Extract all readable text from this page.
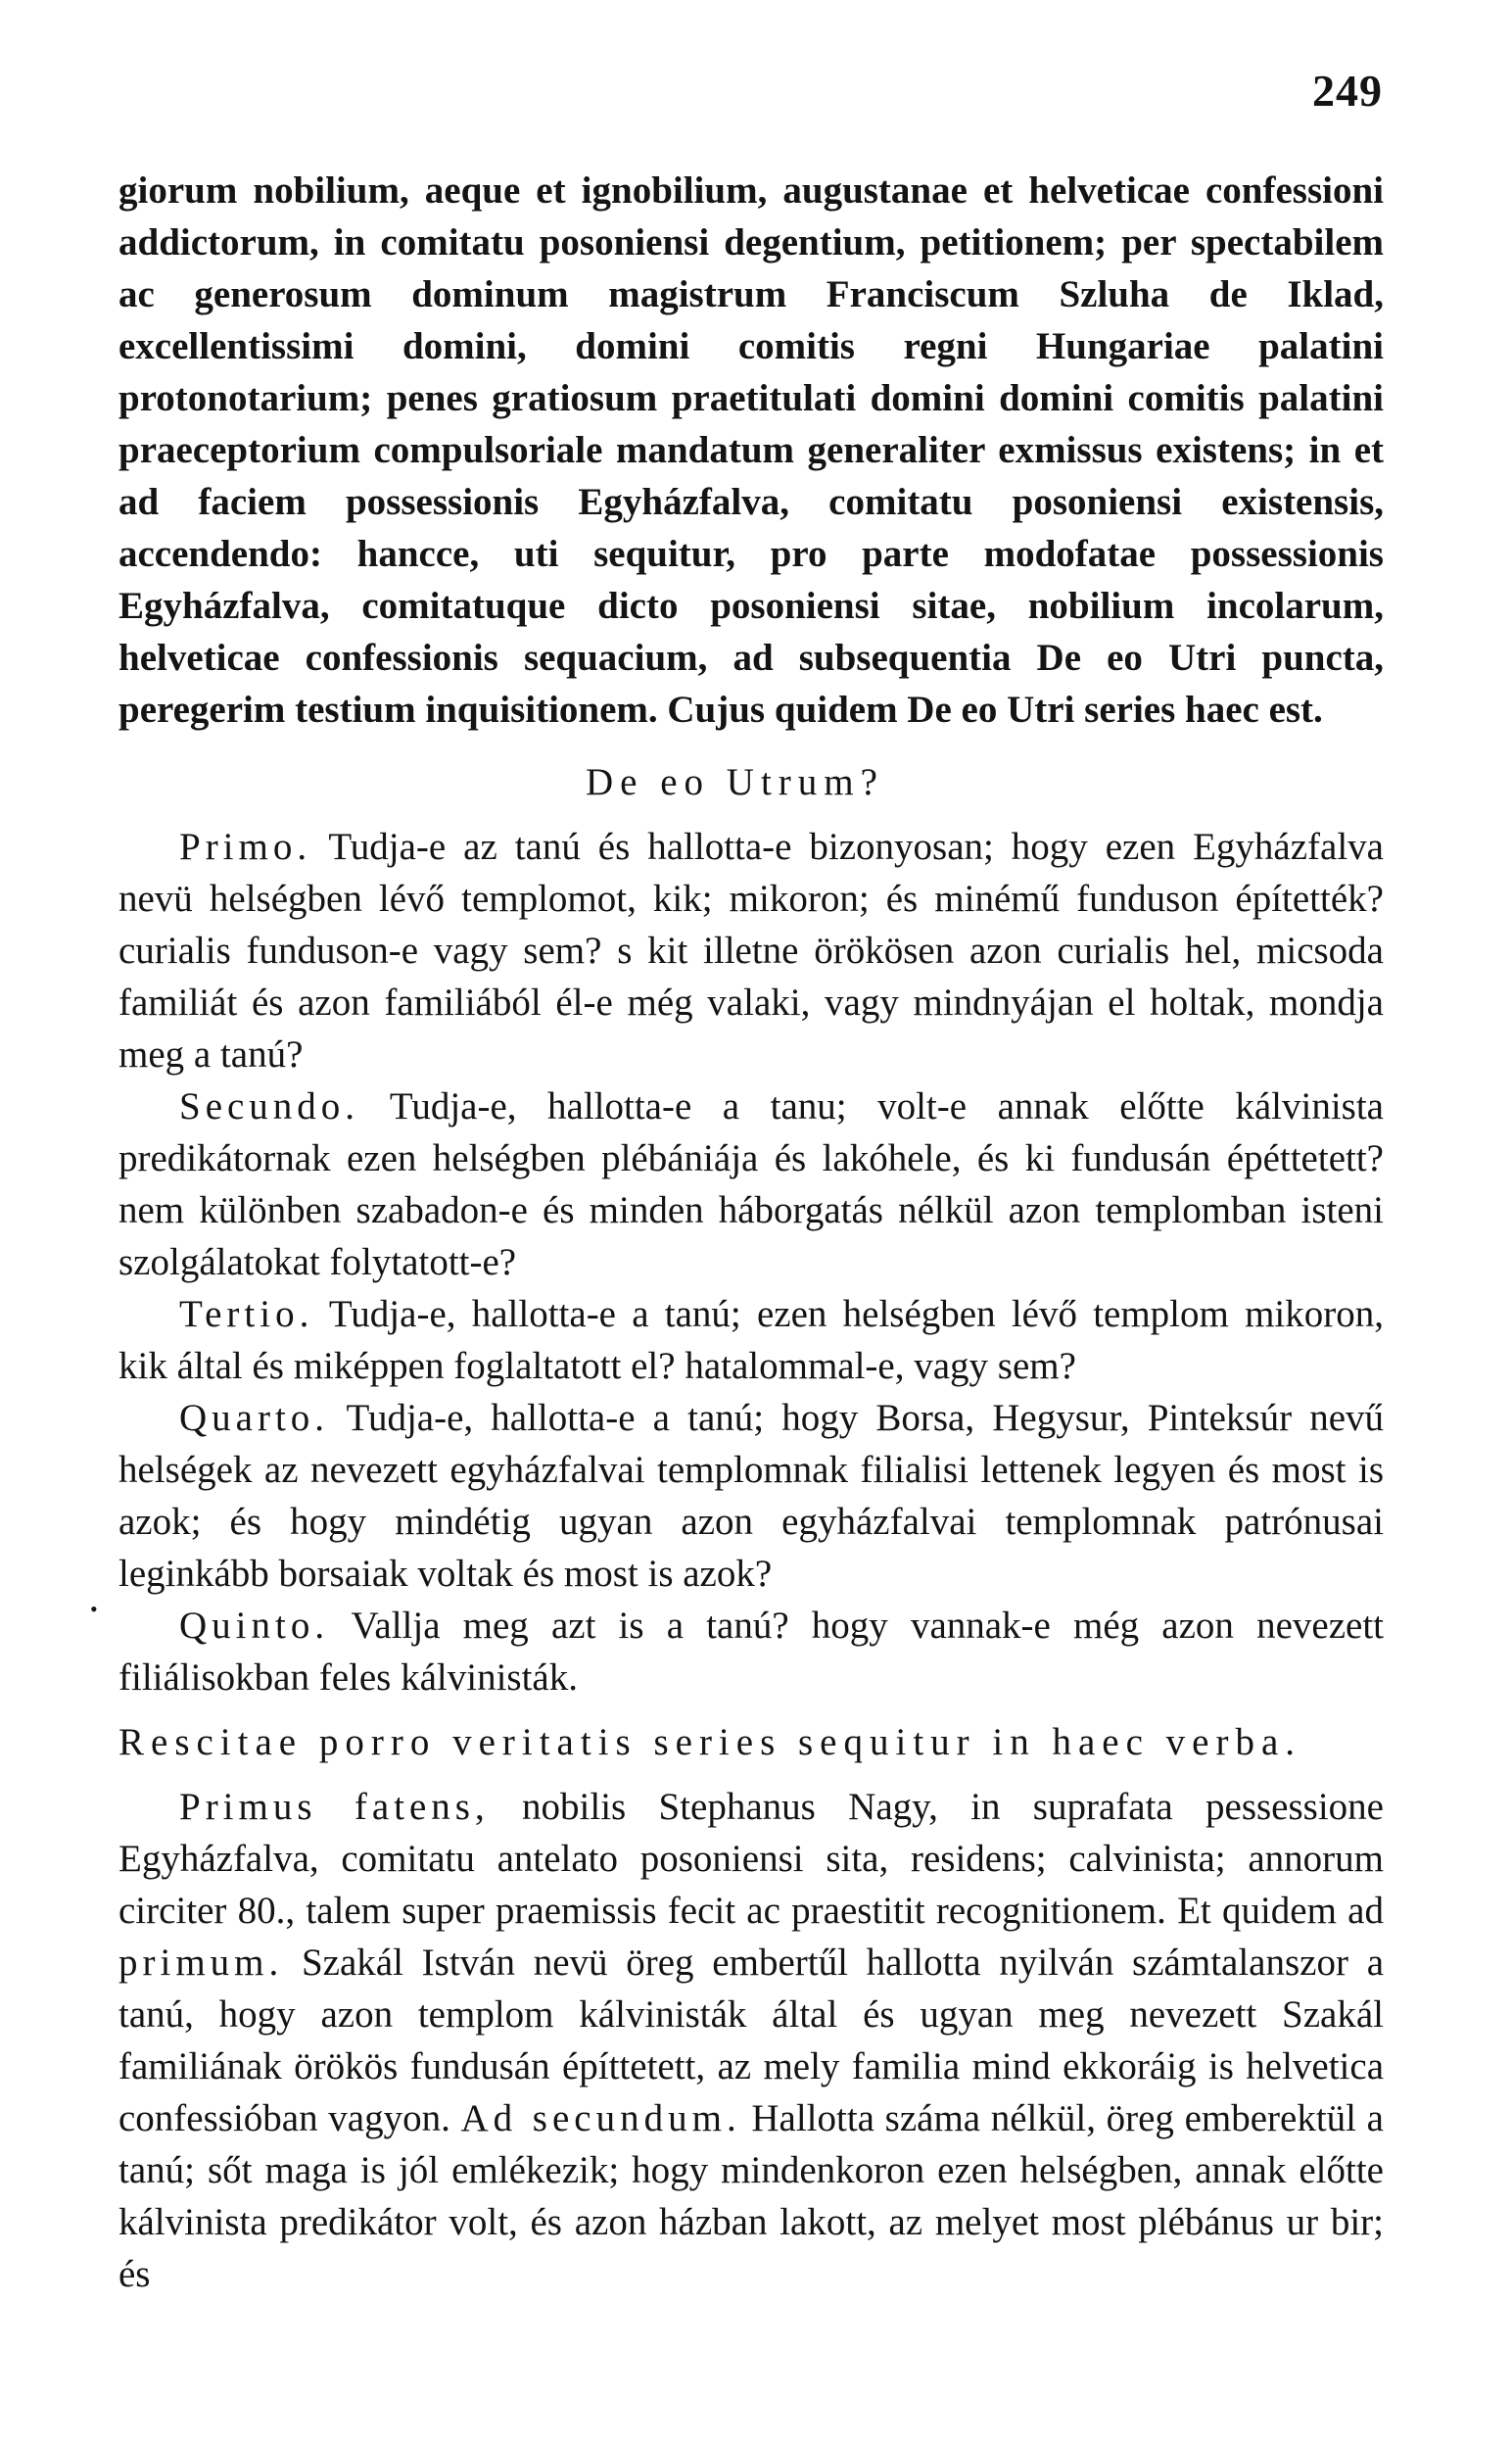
249

giorum nobilium, aeque et ignobilium, augustanae et helveticae confessioni addictorum, in comitatu posoniensi degentium, petitionem; per spectabilem ac generosum dominum magistrum Franciscum Szluha de Iklad, excellentissimi domini, domini comitis regni Hungariae palatini protonotarium; penes gratiosum praetitulati domini domini comitis palatini praeceptorium compulsoriale mandatum generaliter exmissus existens; in et ad faciem possessionis Egyházfalva, comitatu posoniensi existensis, accendendo: hancce, uti sequitur, pro parte modofatae possessionis Egyházfalva, comitatuque dicto posoniensi sitae, nobilium incolarum, helveticae confessionis sequacium, ad subsequentia De eo Utri puncta, peregerim testium inquisitionem. Cujus quidem De eo Utri series haec est.

De eo Utrum?

Primo. Tudja-e az tanú és hallotta-e bizonyosan; hogy ezen Egyházfalva nevü helségben lévő templomot, kik; mikoron; és minémű funduson építették? curialis funduson-e vagy sem? s kit illetne örökösen azon curialis hel, micsoda familiát és azon familiából él-e még valaki, vagy mindnyájan el holtak, mondja meg a tanú?

Secundo. Tudja-e, hallotta-e a tanu; volt-e annak előtte kálvinista predikátornak ezen helségben plébániája és lakóhele, és ki fundusán épéttetett? nem különben szabadon-e és minden háborgatás nélkül azon templomban isteni szolgálatokat folytatott-e?

Tertio. Tudja-e, hallotta-e a tanú; ezen helségben lévő templom mikoron, kik által és miképpen foglaltatott el? hatalommal-e, vagy sem?

Quarto. Tudja-e, hallotta-e a tanú; hogy Borsa, Hegysur, Pinteksúr nevű helségek az nevezett egyházfalvai templomnak filialisi lettenek legyen és most is azok; és hogy mindétig ugyan azon egyházfalvai templomnak patrónusai leginkább borsaiak voltak és most is azok?

Quinto. Vallja meg azt is a tanú? hogy vannak-e még azon nevezett filiálisokban feles kálvinisták.

•
Rescitae porro veritatis series sequitur in haec verba.

Primus fatens, nobilis Stephanus Nagy, in suprafata pessessione Egyházfalva, comitatu antelato posoniensi sita, residens; calvinista; annorum circiter 80., talem super praemissis fecit ac praestitit recognitionem. Et quidem ad primum. Szakál István nevü öreg embertűl hallotta nyilván számtalanszor a tanú, hogy azon templom kálvinisták által és ugyan meg nevezett Szakál familiának örökös fundusán építtetett, az mely familia mind ekkoráig is helvetica confessióban vagyon. Ad secundum. Hallotta száma nélkül, öreg emberektül a tanú; sőt maga is jól emlékezik; hogy mindenkoron ezen helségben, annak előtte kálvinista predikátor volt, és azon házban lakott, az melyet most plébánus ur bir; és
